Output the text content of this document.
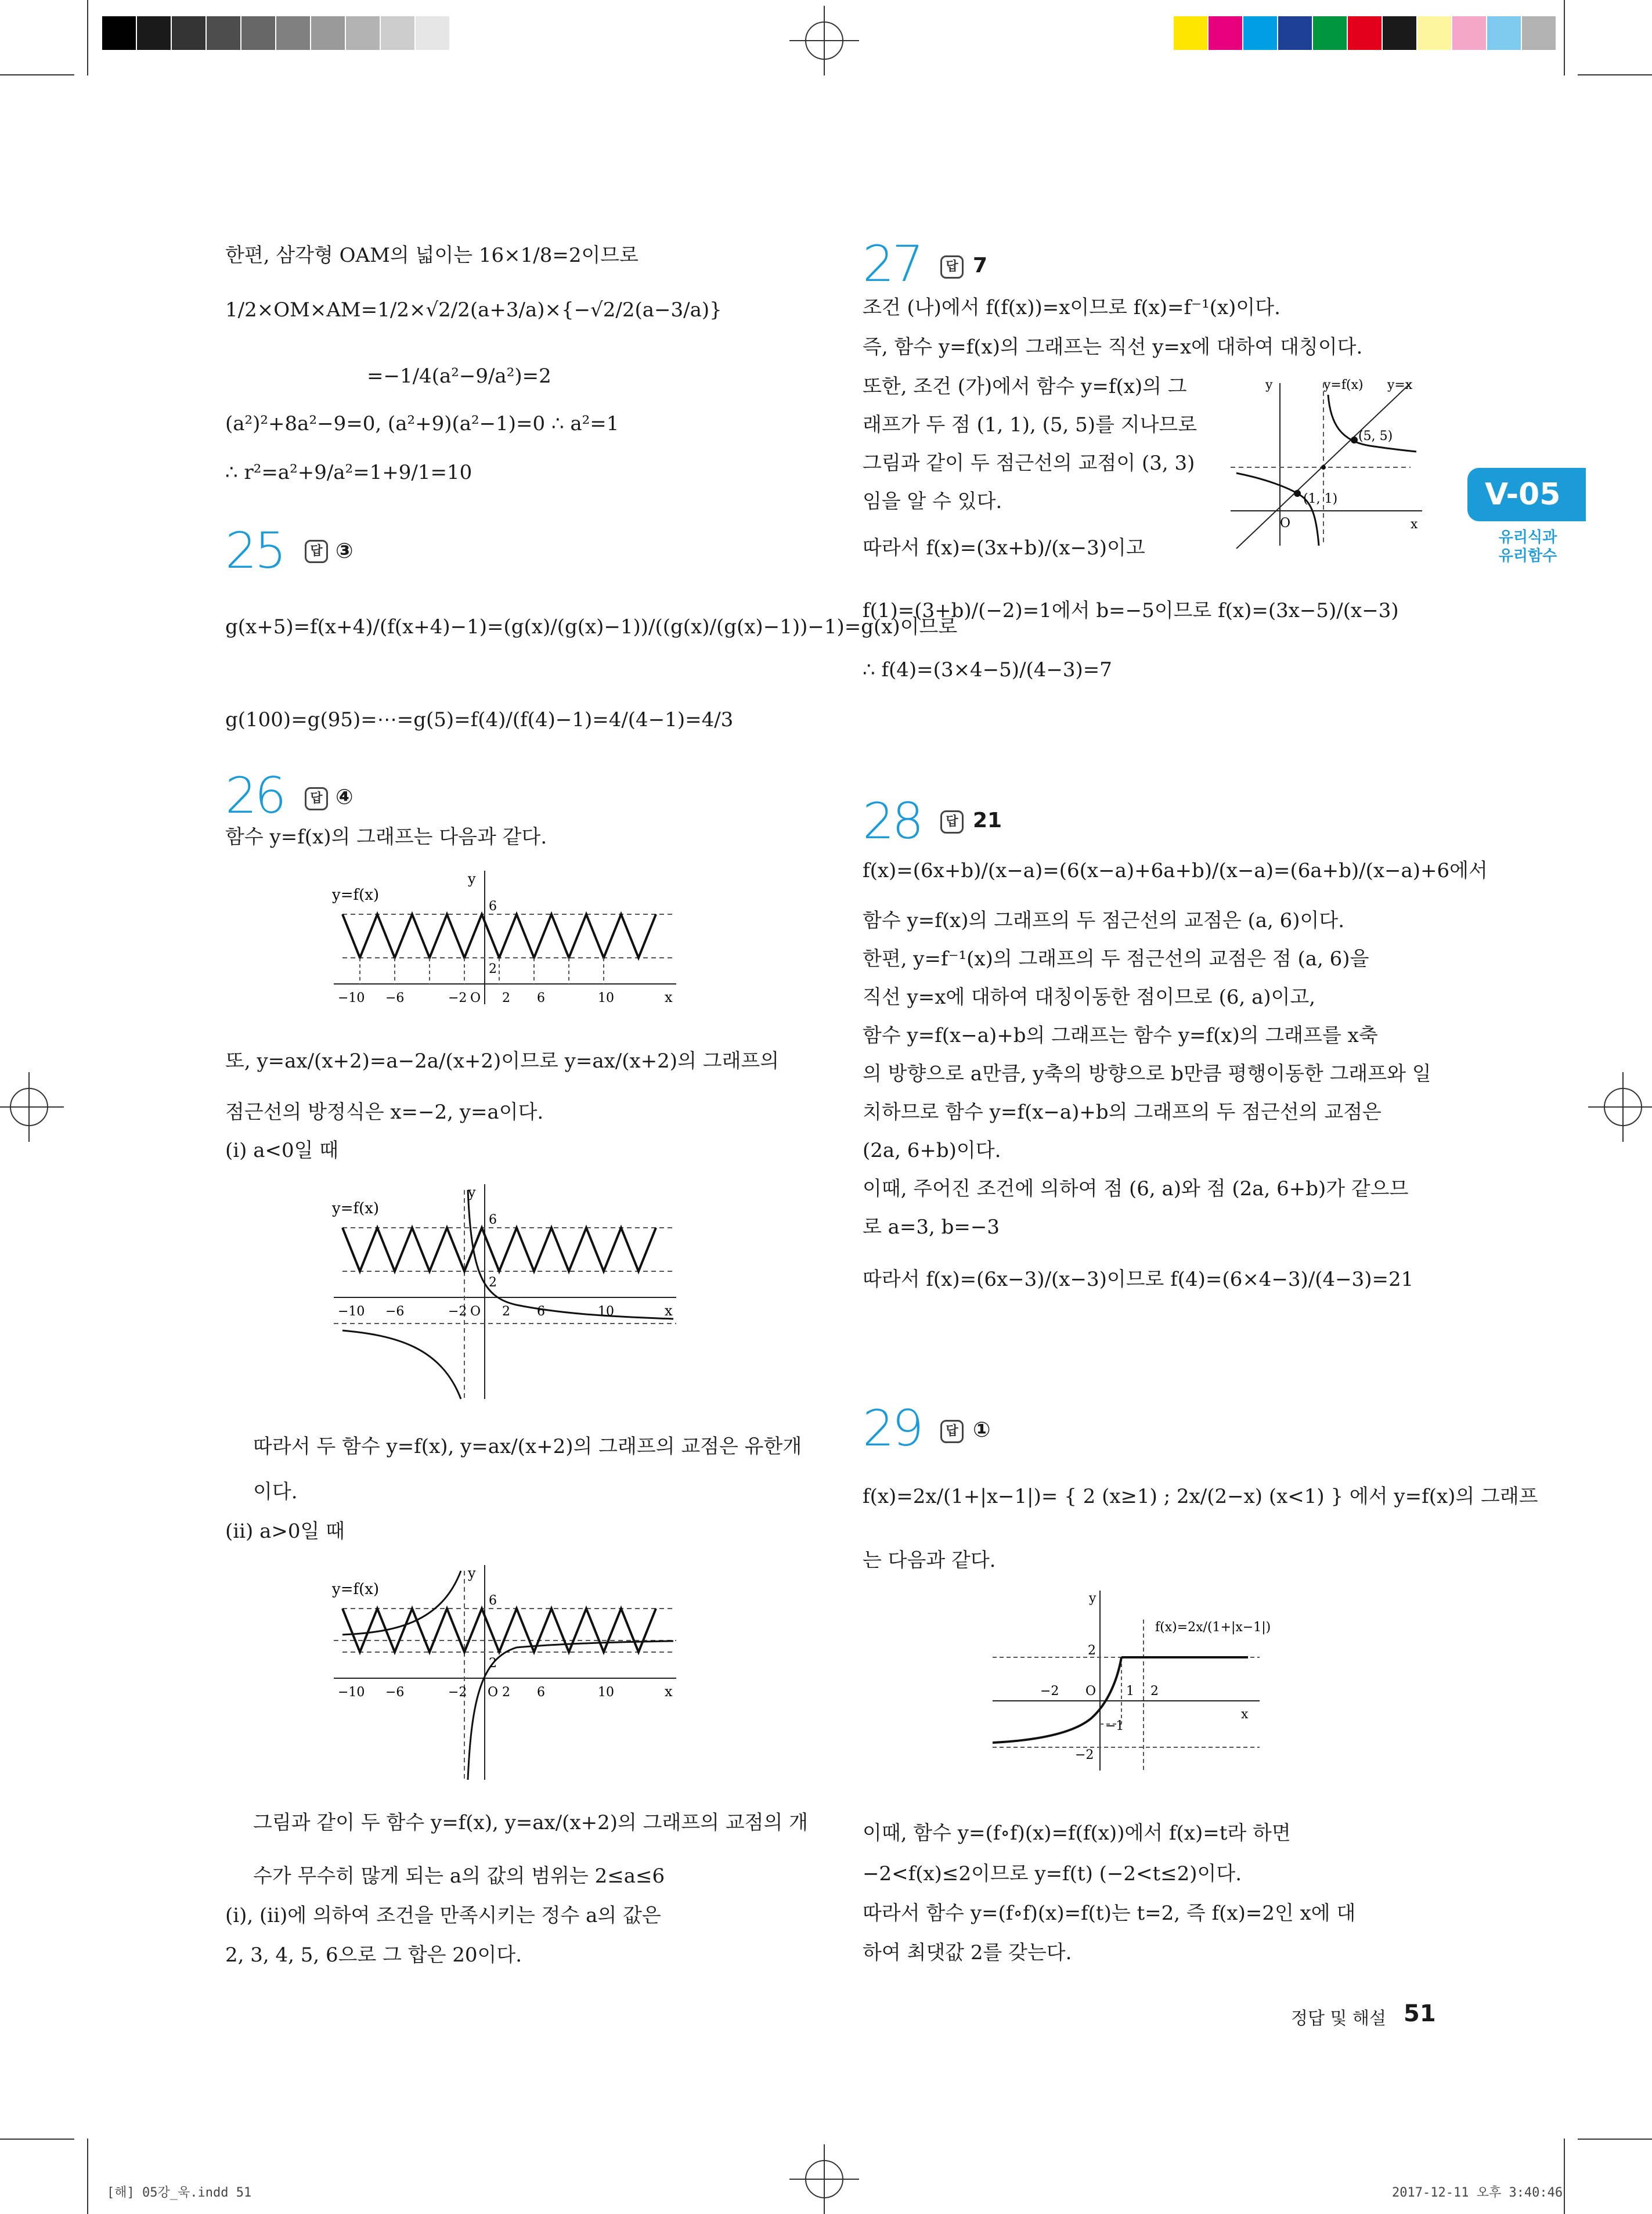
V-05
유리식과
유리함수
한편, 삼각형 OAM의 넓이는 16×1/8=2이므로
1/2×OM×AM=1/2×√2/2(a+3/a)×{−√2/2(a−3/a)}
=−1/4(a²−9/a²)=2
(a²)²+8a²−9=0, (a²+9)(a²−1)=0 ∴ a²=1
∴ r²=a²+9/a²=1+9/1=10
25	답 ③
g(x+5)=f(x+4)/(f(x+4)−1)=(g(x)/(g(x)−1))/((g(x)/(g(x)−1))−1)=g(x)이므로
g(100)=g(95)=⋯=g(5)=f(4)/(f(4)−1)=4/(4−1)=4/3
26	답 ④
함수 y=f(x)의 그래프는 다음과 같다.
y=f(x)
y
x
6
2
−10 −6	−2 O 2 6	10
또, y=ax/(x+2)=a−2a/(x+2)이므로 y=ax/(x+2)의 그래프의
점근선의 방정식은 x=−2, y=a이다.
(i) a<0일 때
y=f(x)
y
x
6
2
−10 −6	−2 O 2 6	10
따라서 두 함수 y=f(x), y=ax/(x+2)의 그래프의 교점은 유한개
이다.
(ii) a>0일 때
y=f(x)
y
x
6
2
−10 −6	−2 O 2 6	10
그림과 같이 두 함수 y=f(x), y=ax/(x+2)의 그래프의 교점의 개
수가 무수히 많게 되는 a의 값의 범위는 2≤a≤6
(i), (ii)에 의하여 조건을 만족시키는 정수 a의 값은
2, 3, 4, 5, 6으로 그 합은 20이다.
27	답 7
조건 (나)에서 f(f(x))=x이므로 f(x)=f⁻¹(x)이다.
즉, 함수 y=f(x)의 그래프는 직선 y=x에 대하여 대칭이다.
또한, 조건 (가)에서 함수 y=f(x)의 그
래프가 두 점 (1, 1), (5, 5)를 지나므로
그림과 같이 두 점근선의 교점이 (3, 3)
임을 알 수 있다.
따라서 f(x)=(3x+b)/(x−3)이고
f(1)=(3+b)/(−2)=1에서 b=−5이므로 f(x)=(3x−5)/(x−3)
∴ f(4)=(3×4−5)/(4−3)=7
y
x
O
y=f(x) y=x
(1, 1)
(5, 5)
28	답 21
f(x)=(6x+b)/(x−a)=(6(x−a)+6a+b)/(x−a)=(6a+b)/(x−a)+6에서
함수 y=f(x)의 그래프의 두 점근선의 교점은 (a, 6)이다.
한편, y=f⁻¹(x)의 그래프의 두 점근선의 교점은 점 (a, 6)을
직선 y=x에 대하여 대칭이동한 점이므로 (6, a)이고,
함수 y=f(x−a)+b의 그래프는 함수 y=f(x)의 그래프를 x축
의 방향으로 a만큼, y축의 방향으로 b만큼 평행이동한 그래프와 일
치하므로 함수 y=f(x−a)+b의 그래프의 두 점근선의 교점은
(2a, 6+b)이다.
이때, 주어진 조건에 의하여 점 (6, a)와 점 (2a, 6+b)가 같으므
로 a=3, b=−3
따라서 f(x)=(6x−3)/(x−3)이므로 f(4)=(6×4−3)/(4−3)=21
29	답 ①
f(x)=2x/(1+|x−1|)= { 2 (x≥1) ; 2x/(2−x) (x<1) } 에서 y=f(x)의 그래프
는 다음과 같다.
y
x
O
f(x)=2x/(1+|x−1|)
−2	1 2
2
−1
−2
이때, 함수 y=(f∘f)(x)=f(f(x))에서 f(x)=t라 하면
−2<f(x)≤2이므로 y=f(t) (−2<t≤2)이다.
따라서 함수 y=(f∘f)(x)=f(t)는 t=2, 즉 f(x)=2인 x에 대
하여 최댓값 2를 갖는다.
정답 및 해설 51
[해] 05강_욱.indd 51	2017-12-11 오후 3:40:46
